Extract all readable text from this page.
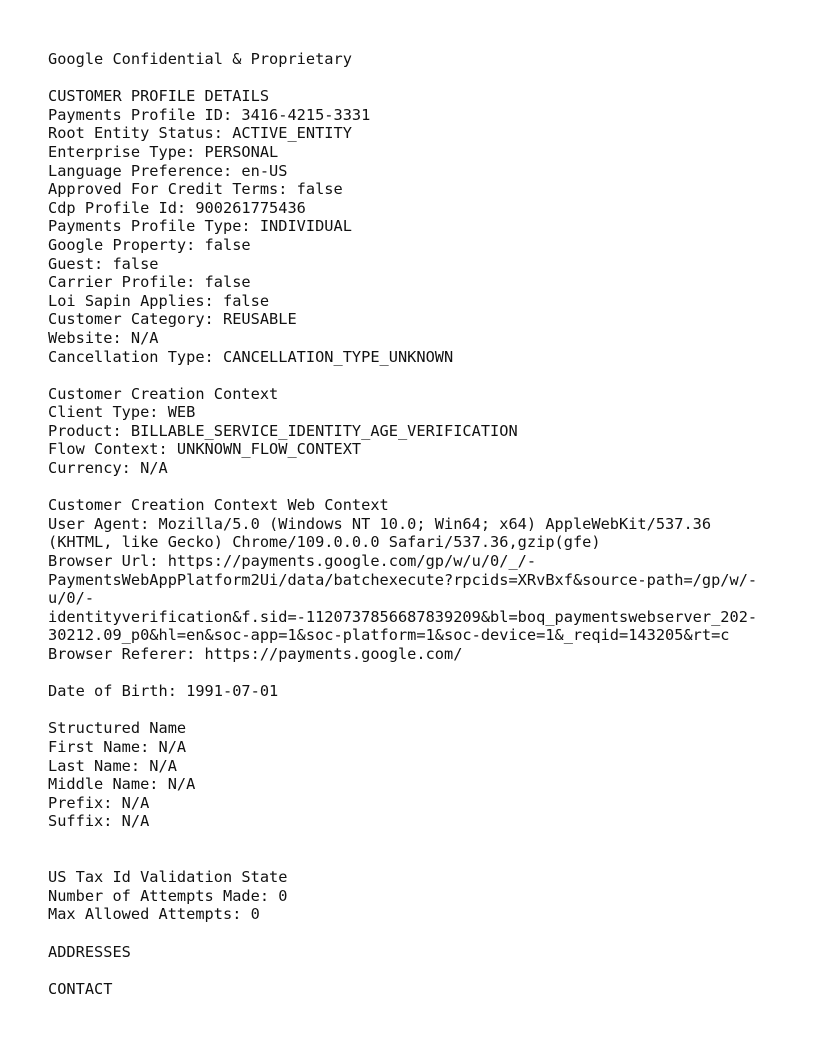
Google Confidential & Proprietary
CUSTOMER PROFILE DETAILS
Payments Profile ID: 3416-4215-3331
Root Entity Status: ACTIVE_ENTITY
Enterprise Type: PERSONAL
Language Preference: en-US
Approved For Credit Terms: false
Cdp Profile Id: 900261775436
Payments Profile Type: INDIVIDUAL
Google Property: false
Guest: false
Carrier Profile: false
Loi Sapin Applies: false
Customer Category: REUSABLE
Website: N/A
Cancellation Type: CANCELLATION_TYPE_UNKNOWN
Customer Creation Context
Client Type: WEB
Product: BILLABLE_SERVICE_IDENTITY_AGE_VERIFICATION
Flow Context: UNKNOWN_FLOW_CONTEXT
Currency: N/A
Customer Creation Context Web Context
User Agent: Mozilla/5.0 (Windows NT 10.0; Win64; x64) AppleWebKit/537.36
(KHTML, like Gecko) Chrome/109.0.0.0 Safari/537.36,gzip(gfe)
Browser Url: https://payments.google.com/gp/w/u/0/_/-
PaymentsWebAppPlatform2Ui/data/batchexecute?rpcids=XRvBxf&source-path=/gp/w/-
u/0/-
identityverification&f.sid=-1120737856687839209&bl=boq_paymentswebserver_202-
30212.09_p0&hl=en&soc-app=1&soc-platform=1&soc-device=1&_reqid=143205&rt=c
Browser Referer: https://payments.google.com/
Date of Birth: 1991-07-01
Structured Name
First Name: N/A
Last Name: N/A
Middle Name: N/A
Prefix: N/A
Suffix: N/A
US Tax Id Validation State
Number of Attempts Made: 0
Max Allowed Attempts: 0
ADDRESSES
CONTACT
